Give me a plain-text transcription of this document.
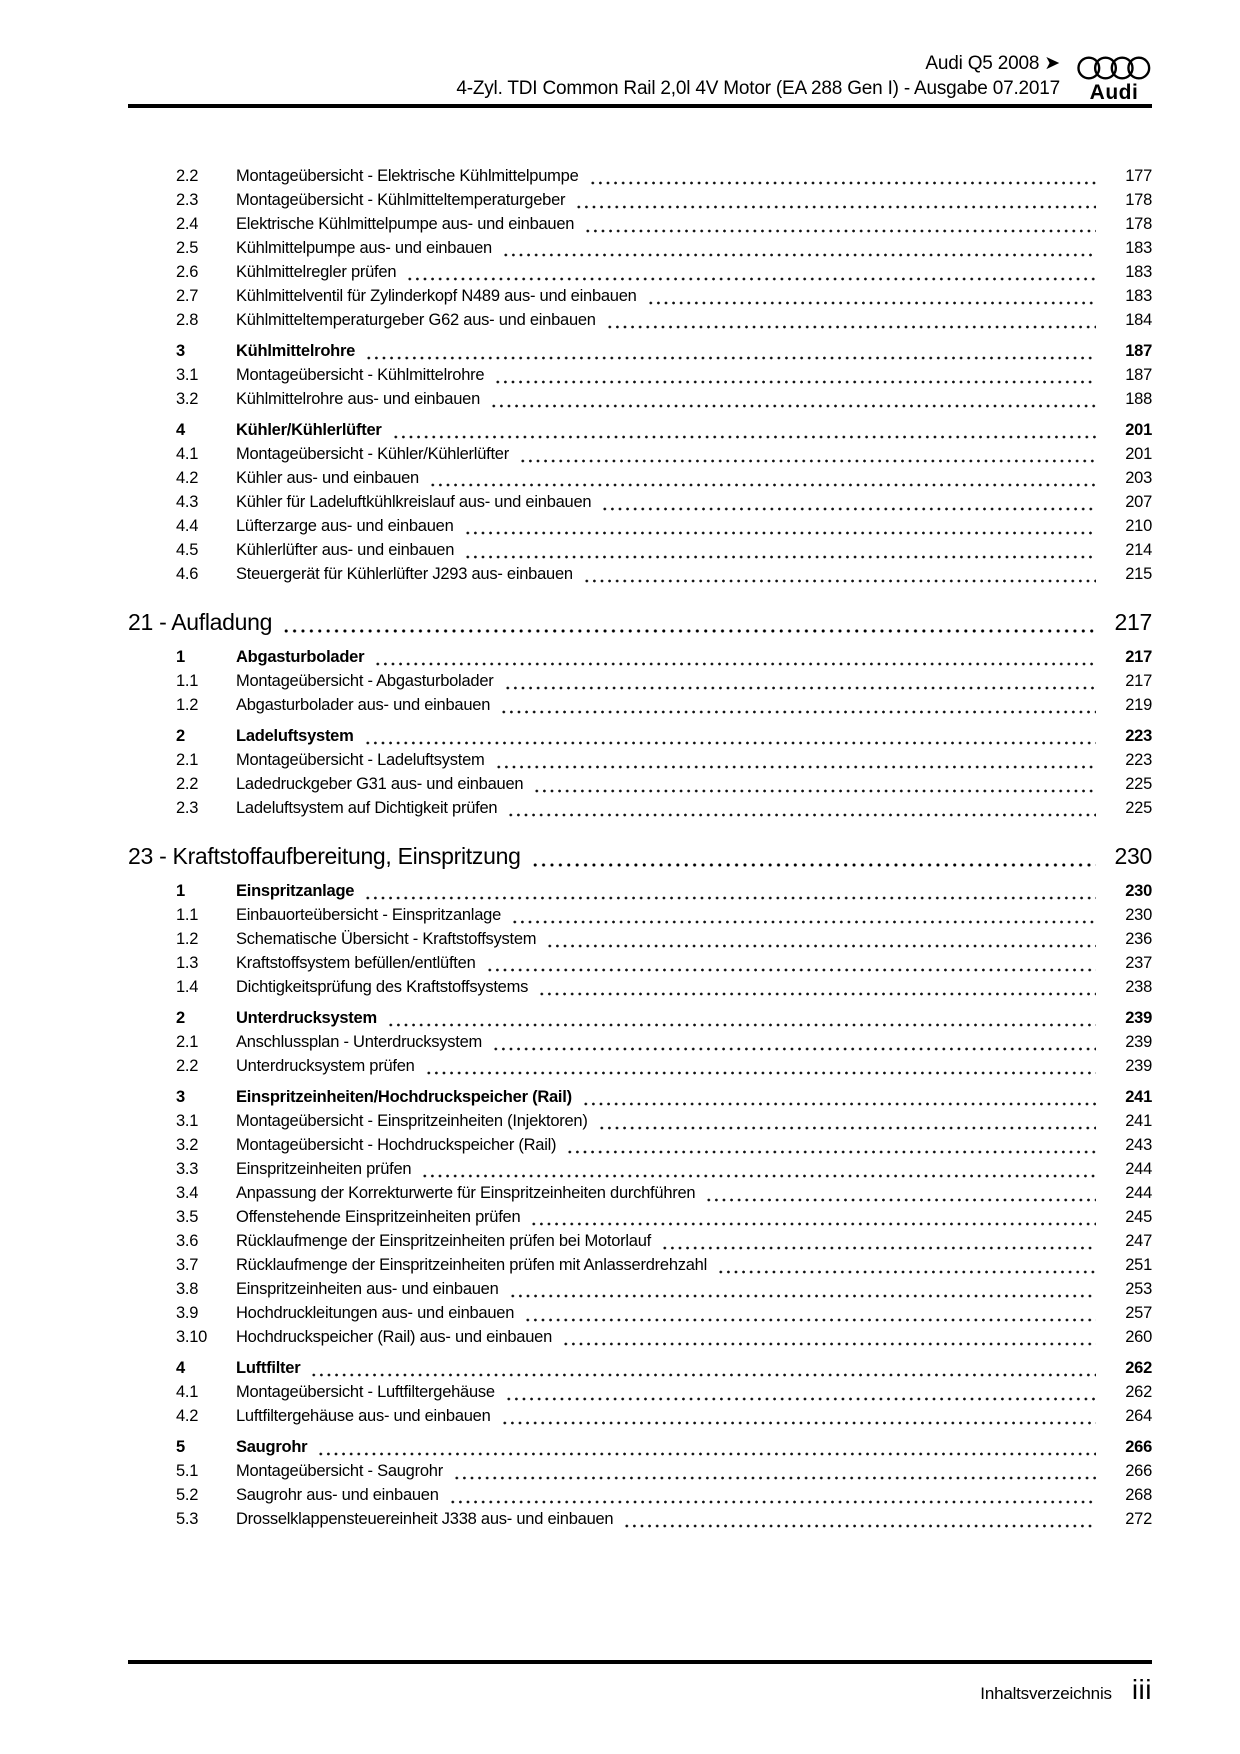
Audi Q5 2008 ➤
4-Zyl. TDI Common Rail 2,0l 4V Motor (EA 288 Gen I) - Ausgabe 07.2017 Audi
2.2	Montageübersicht - Elektrische Kühlmittelpumpe	177
2.3	Montageübersicht - Kühlmitteltemperaturgeber	178
2.4	Elektrische Kühlmittelpumpe aus- und einbauen	178
2.5	Kühlmittelpumpe aus- und einbauen	183
2.6	Kühlmittelregler prüfen	183
2.7	Kühlmittelventil für Zylinderkopf N489 aus- und einbauen	183
2.8	Kühlmitteltemperaturgeber G62 aus- und einbauen	184
3	Kühlmittelrohre	187
3.1	Montageübersicht - Kühlmittelrohre	187
3.2	Kühlmittelrohre aus- und einbauen	188
4	Kühler/Kühlerlüfter	201
4.1	Montageübersicht - Kühler/Kühlerlüfter	201
4.2	Kühler aus- und einbauen	203
4.3	Kühler für Ladeluftkühlkreislauf aus- und einbauen	207
4.4	Lüfterzarge aus- und einbauen	210
4.5	Kühlerlüfter aus- und einbauen	214
4.6	Steuergerät für Kühlerlüfter J293 aus- einbauen	215
21 - Aufladung	217
1	Abgasturbolader	217
1.1	Montageübersicht - Abgasturbolader	217
1.2	Abgasturbolader aus- und einbauen	219
2	Ladeluftsystem	223
2.1	Montageübersicht - Ladeluftsystem	223
2.2	Ladedruckgeber G31 aus- und einbauen	225
2.3	Ladeluftsystem auf Dichtigkeit prüfen	225
23 - Kraftstoffaufbereitung, Einspritzung	230
1	Einspritzanlage	230
1.1	Einbauorteübersicht - Einspritzanlage	230
1.2	Schematische Übersicht - Kraftstoffsystem	236
1.3	Kraftstoffsystem befüllen/entlüften	237
1.4	Dichtigkeitsprüfung des Kraftstoffsystems	238
2	Unterdrucksystem	239
2.1	Anschlussplan - Unterdrucksystem	239
2.2	Unterdrucksystem prüfen	239
3	Einspritzeinheiten/Hochdruckspeicher (Rail)	241
3.1	Montageübersicht - Einspritzeinheiten (Injektoren)	241
3.2	Montageübersicht - Hochdruckspeicher (Rail)	243
3.3	Einspritzeinheiten prüfen	244
3.4	Anpassung der Korrekturwerte für Einspritzeinheiten durchführen	244
3.5	Offenstehende Einspritzeinheiten prüfen	245
3.6	Rücklaufmenge der Einspritzeinheiten prüfen bei Motorlauf	247
3.7	Rücklaufmenge der Einspritzeinheiten prüfen mit Anlasserdrehzahl	251
3.8	Einspritzeinheiten aus- und einbauen	253
3.9	Hochdruckleitungen aus- und einbauen	257
3.10	Hochdruckspeicher (Rail) aus- und einbauen	260
4	Luftfilter	262
4.1	Montageübersicht - Luftfiltergehäuse	262
4.2	Luftfiltergehäuse aus- und einbauen	264
5	Saugrohr	266
5.1	Montageübersicht - Saugrohr	266
5.2	Saugrohr aus- und einbauen	268
5.3	Drosselklappensteuereinheit J338 aus- und einbauen	272
Inhaltsverzeichnis iii
